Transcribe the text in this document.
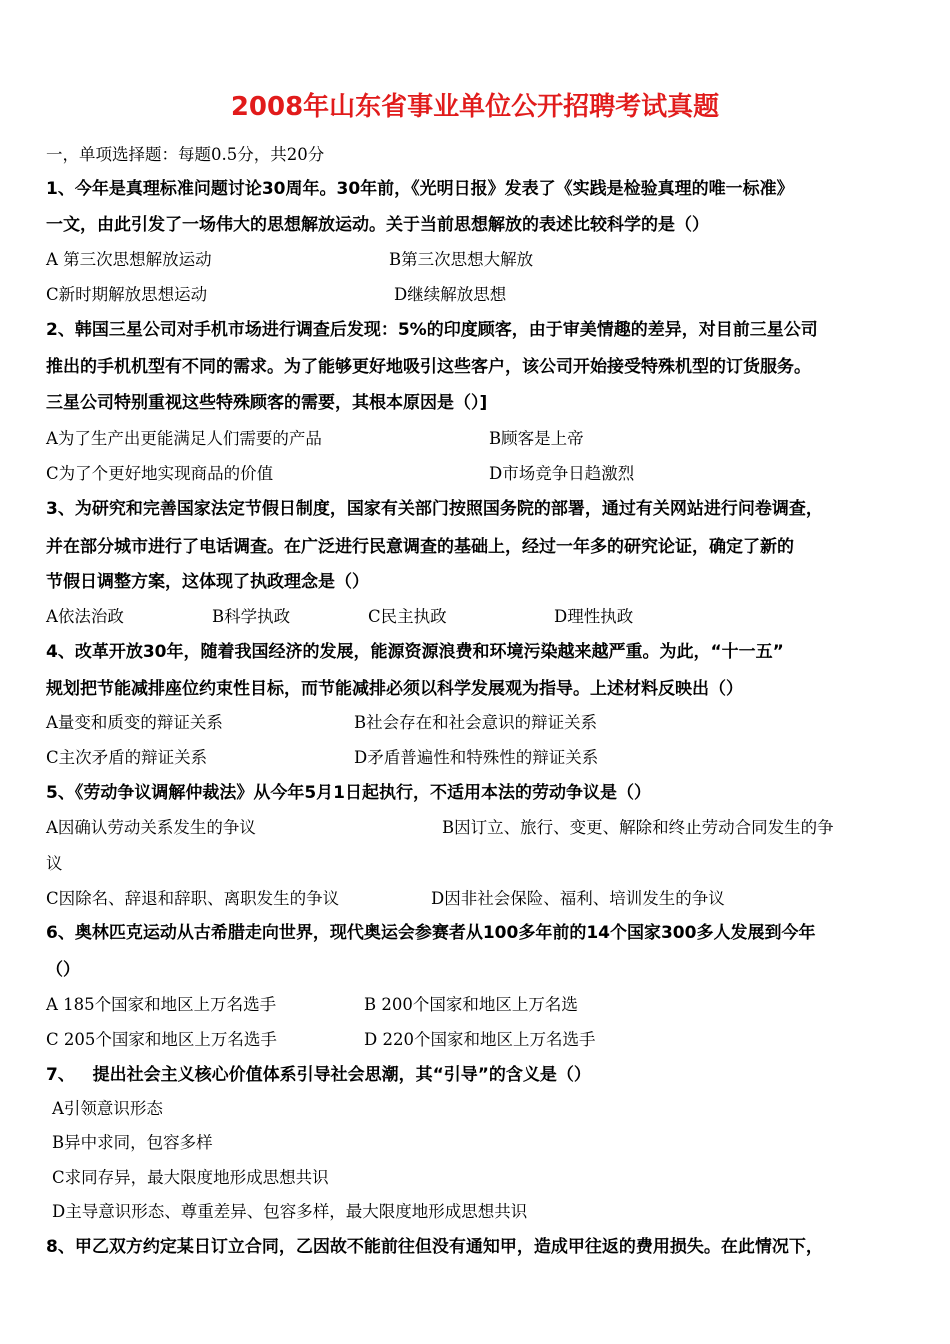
2008年山东省事业单位公开招聘考试真题
一，单项选择题：每题0.5分，共20分
1、今年是真理标准问题讨论30周年。30年前，《光明日报》发表了《实践是检验真理的唯一标准》
一文，由此引发了一场伟大的思想解放运动。关于当前思想解放的表述比较科学的是（）
A 第三次思想解放运动	B第三次思想大解放
C新时期解放思想运动	D继续解放思想
2、韩国三星公司对手机市场进行调查后发现：5%的印度顾客，由于审美情趣的差异，对目前三星公司
推出的手机机型有不同的需求。为了能够更好地吸引这些客户，该公司开始接受特殊机型的订货服务。
三星公司特别重视这些特殊顾客的需要，其根本原因是（）]
A为了生产出更能满足人们需要的产品	B顾客是上帝
C为了个更好地实现商品的价值	D市场竞争日趋激烈
3、为研究和完善国家法定节假日制度，国家有关部门按照国务院的部署，通过有关网站进行问卷调查，
并在部分城市进行了电话调查。在广泛进行民意调查的基础上，经过一年多的研究论证，确定了新的
节假日调整方案，这体现了执政理念是（）
A依法治政	B科学执政	C民主执政	D理性执政
4、改革开放30年，随着我国经济的发展，能源资源浪费和环境污染越来越严重。为此，“十一五”
规划把节能减排座位约束性目标，而节能减排必须以科学发展观为指导。上述材料反映出（）
A量变和质变的辩证关系	B社会存在和社会意识的辩证关系
C主次矛盾的辩证关系	D矛盾普遍性和特殊性的辩证关系
5、《劳动争议调解仲裁法》从今年5月1日起执行，不适用本法的劳动争议是（）
A因确认劳动关系发生的争议	B因订立、旅行、变更、解除和终止劳动合同发生的争
议
C因除名、辞退和辞职、离职发生的争议	D因非社会保险、福利、培训发生的争议
6、奥林匹克运动从古希腊走向世界，现代奥运会参赛者从100多年前的14个国家300多人发展到今年
（）
A 185个国家和地区上万名选手	B 200个国家和地区上万名选
C 205个国家和地区上万名选手	D 220个国家和地区上万名选手
7、   提出社会主义核心价值体系引导社会思潮，其“引导”的含义是（）
A引领意识形态
B异中求同，包容多样
C求同存异，最大限度地形成思想共识
D主导意识形态、尊重差异、包容多样，最大限度地形成思想共识
8、甲乙双方约定某日订立合同，乙因故不能前往但没有通知甲，造成甲往返的费用损失。在此情况下，
